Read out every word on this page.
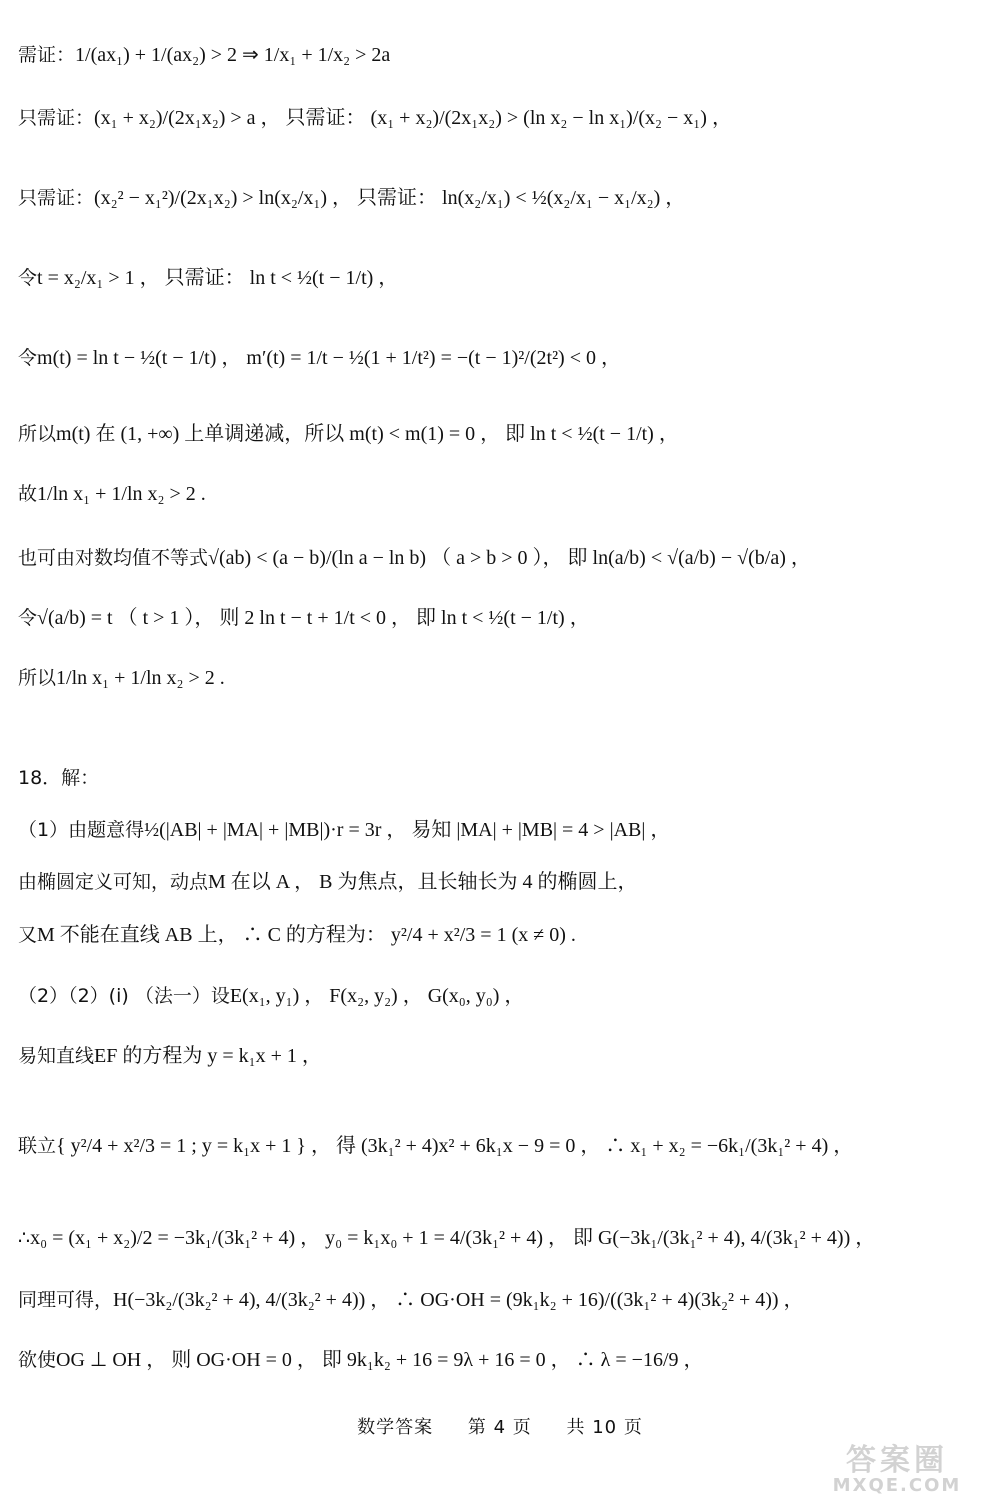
需证：1/(ax₁) + 1/(ax₂) > 2 ⇒ 1/x₁ + 1/x₂ > 2a
只需证：(x₁ + x₂)/(2x₁x₂) > a ， 只需证： (x₁ + x₂)/(2x₁x₂) > (ln x₂ − ln x₁)/(x₂ − x₁) ，
只需证：(x₂² − x₁²)/(2x₁x₂) > ln(x₂/x₁) ， 只需证： ln(x₂/x₁) < ½(x₂/x₁ − x₁/x₂) ，
令t = x₂/x₁ > 1 ， 只需证： ln t < ½(t − 1/t) ，
令m(t) = ln t − ½(t − 1/t) ， m′(t) = 1/t − ½(1 + 1/t²) = −(t − 1)²/(2t²) < 0 ，
所以m(t) 在 (1, +∞) 上单调递减，所以 m(t) < m(1) = 0 ， 即 ln t < ½(t − 1/t) ，
故1/ln x₁ + 1/ln x₂ > 2 .
也可由对数均值不等式√(ab) < (a − b)/(ln a − ln b) （ a > b > 0 ）， 即 ln(a/b) < √(a/b) − √(b/a) ，
令√(a/b) = t （ t > 1 ）， 则 2 ln t − t + 1/t < 0 ， 即 ln t < ½(t − 1/t) ，
所以1/ln x₁ + 1/ln x₂ > 2 .
18．解：
（1）由题意得½(|AB| + |MA| + |MB|)·r = 3r ， 易知 |MA| + |MB| = 4 > |AB| ，
由椭圆定义可知，动点M 在以 A ， B 为焦点，且长轴长为 4 的椭圆上，
又M 不能在直线 AB 上， ∴ C 的方程为： y²/4 + x²/3 = 1 (x ≠ 0) .
（2）（2）(i) （法一）设E(x₁, y₁) ， F(x₂, y₂) ， G(x₀, y₀) ，
易知直线EF 的方程为 y = k₁x + 1 ，
联立{ y²/4 + x²/3 = 1 ; y = k₁x + 1 } ， 得 (3k₁² + 4)x² + 6k₁x − 9 = 0 ， ∴ x₁ + x₂ = −6k₁/(3k₁² + 4) ，
∴x₀ = (x₁ + x₂)/2 = −3k₁/(3k₁² + 4) ， y₀ = k₁x₀ + 1 = 4/(3k₁² + 4) ， 即 G(−3k₁/(3k₁² + 4), 4/(3k₁² + 4)) ，
同理可得，H(−3k₂/(3k₂² + 4), 4/(3k₂² + 4)) ， ∴ OG·OH = (9k₁k₂ + 16)/((3k₁² + 4)(3k₂² + 4)) ，
欲使OG ⊥ OH ， 则 OG·OH = 0 ， 即 9k₁k₂ + 16 = 9λ + 16 = 0 ， ∴ λ = −16/9 ，
数学答案 第 4 页 共 10 页
答案圈
MXQE.COM
